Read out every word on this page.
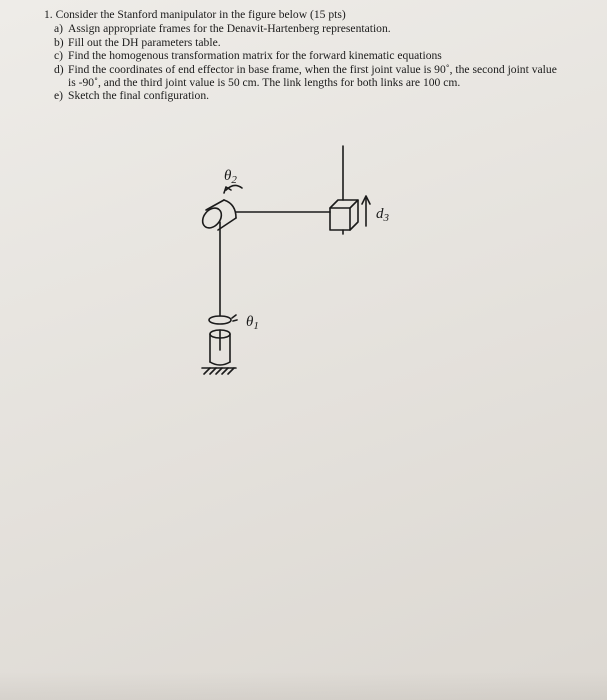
1. Consider the Stanford manipulator in the figure below (15 pts)
a) Assign appropriate frames for the Denavit-Hartenberg representation.
b) Fill out the DH parameters table.
c) Find the homogenous transformation matrix for the forward kinematic equations
d) Find the coordinates of end effector in base frame, when the first joint value is 90˚, the second joint value is -90˚, and the third joint value is 50 cm. The link lengths for both links are 100 cm.
e) Sketch the final configuration.
$\theta_2$
$\theta_1$
$d_3$
